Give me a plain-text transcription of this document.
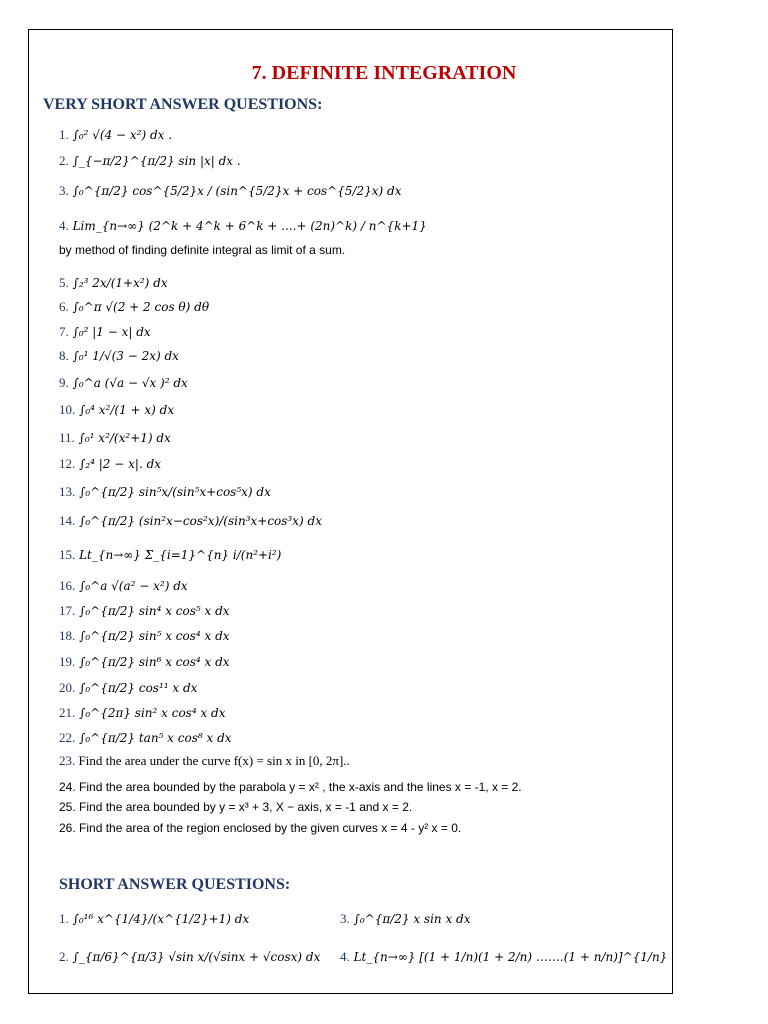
7. DEFINITE INTEGRATION
VERY SHORT ANSWER QUESTIONS:
1. ∫₀² √(4 − x²) dx .
2. ∫_{−π/2}^{π/2} sin |x| dx .
3. ∫₀^{π/2} cos^{5/2}x / (sin^{5/2}x + cos^{5/2}x) dx
4. Lim_{n→∞} (2^k + 4^k + 6^k + ....+ (2n)^k) / n^{k+1}
by method of finding definite integral as limit of a sum.
5. ∫₂³ 2x/(1+x²) dx
6. ∫₀^π √(2 + 2 cos θ) dθ
7. ∫₀² |1 − x| dx
8. ∫₀¹ 1/√(3 − 2x) dx
9. ∫₀^a (√a − √x )² dx
10. ∫₀⁴ x²/(1 + x) dx
11. ∫₀¹ x²/(x²+1) dx
12. ∫₂⁴ |2 − x|. dx
13. ∫₀^{π/2} sin⁵x/(sin⁵x+cos⁵x) dx
14. ∫₀^{π/2} (sin²x−cos²x)/(sin³x+cos³x) dx
15. Lt_{n→∞} Σ_{i=1}^{n} i/(n²+i²)
16. ∫₀^a √(a² − x²) dx
17. ∫₀^{π/2} sin⁴ x cos⁵ x dx
18. ∫₀^{π/2} sin⁵ x cos⁴ x dx
19. ∫₀^{π/2} sin⁶ x cos⁴ x dx
20. ∫₀^{π/2} cos¹¹ x dx
21. ∫₀^{2π} sin² x cos⁴ x dx
22. ∫₀^{π/2} tan⁵ x cos⁸ x dx
23. Find the area under the curve f(x) = sin x in [0, 2π]..
24. Find the area bounded by the parabola y = x² , the x-axis and the lines x = -1, x = 2.
25. Find the area bounded by y = x³ + 3, X − axis, x = -1 and x = 2.
26. Find the area of the region enclosed by the given curves x = 4 - y² x = 0.
SHORT ANSWER QUESTIONS:
1. ∫₀¹⁶ x^{1/4}/(x^{1/2}+1) dx
2. ∫_{π/6}^{π/3} √sin x/(√sinx + √cosx) dx
3. ∫₀^{π/2} x sin x dx
4. Lt_{n→∞} [(1 + 1/n)(1 + 2/n) …….(1 + n/n)]^{1/n}
